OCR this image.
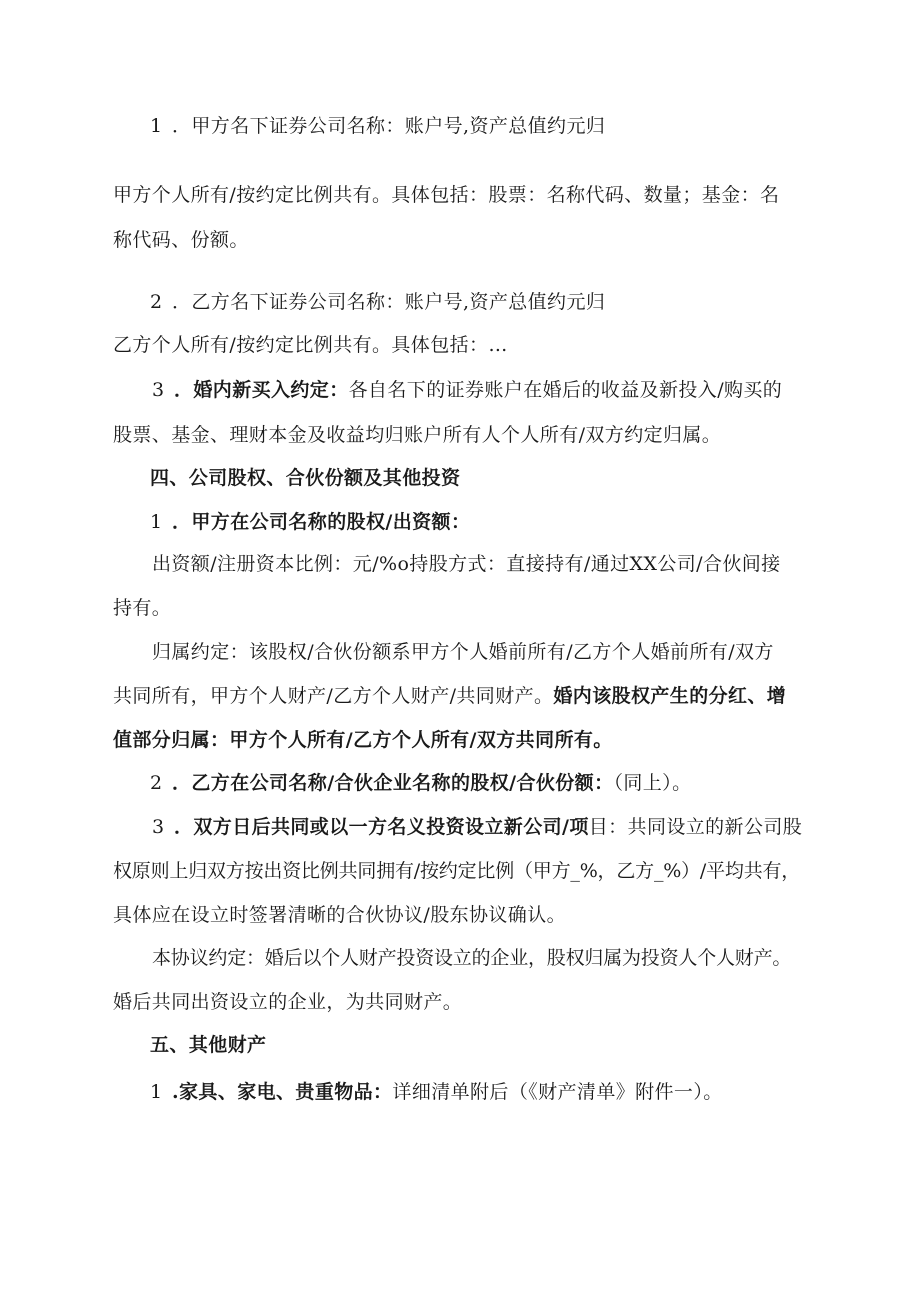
1 ．甲方名下证券公司名称：账户号,资产总值约元归
甲方个人所有/按约定比例共有。具体包括：股票：名称代码、数量；基金：名
称代码、份额。
2 ．乙方名下证券公司名称：账户号,资产总值约元归
乙方个人所有/按约定比例共有。具体包括：…
3 ．婚内新买入约定：各自名下的证券账户在婚后的收益及新投入/购买的
股票、基金、理财本金及收益均归账户所有人个人所有/双方约定归属。
四、公司股权、合伙份额及其他投资
1 ．甲方在公司名称的股权/出资额：
出资额/注册资本比例：元/%o持股方式：直接持有/通过XX公司/合伙间接
持有。
归属约定：该股权/合伙份额系甲方个人婚前所有/乙方个人婚前所有/双方
共同所有，甲方个人财产/乙方个人财产/共同财产。婚内该股权产生的分红、增
值部分归属：甲方个人所有/乙方个人所有/双方共同所有。
2 ．乙方在公司名称/合伙企业名称的股权/合伙份额：（同上）。
3 ．双方日后共同或以一方名义投资设立新公司/项目：共同设立的新公司股
权原则上归双方按出资比例共同拥有/按约定比例（甲方_%，乙方_%）/平均共有，
具体应在设立时签署清晰的合伙协议/股东协议确认。
本协议约定：婚后以个人财产投资设立的企业，股权归属为投资人个人财产。
婚后共同出资设立的企业，为共同财产。
五、其他财产
1 .家具、家电、贵重物品：详细清单附后（《财产清单》附件一）。
